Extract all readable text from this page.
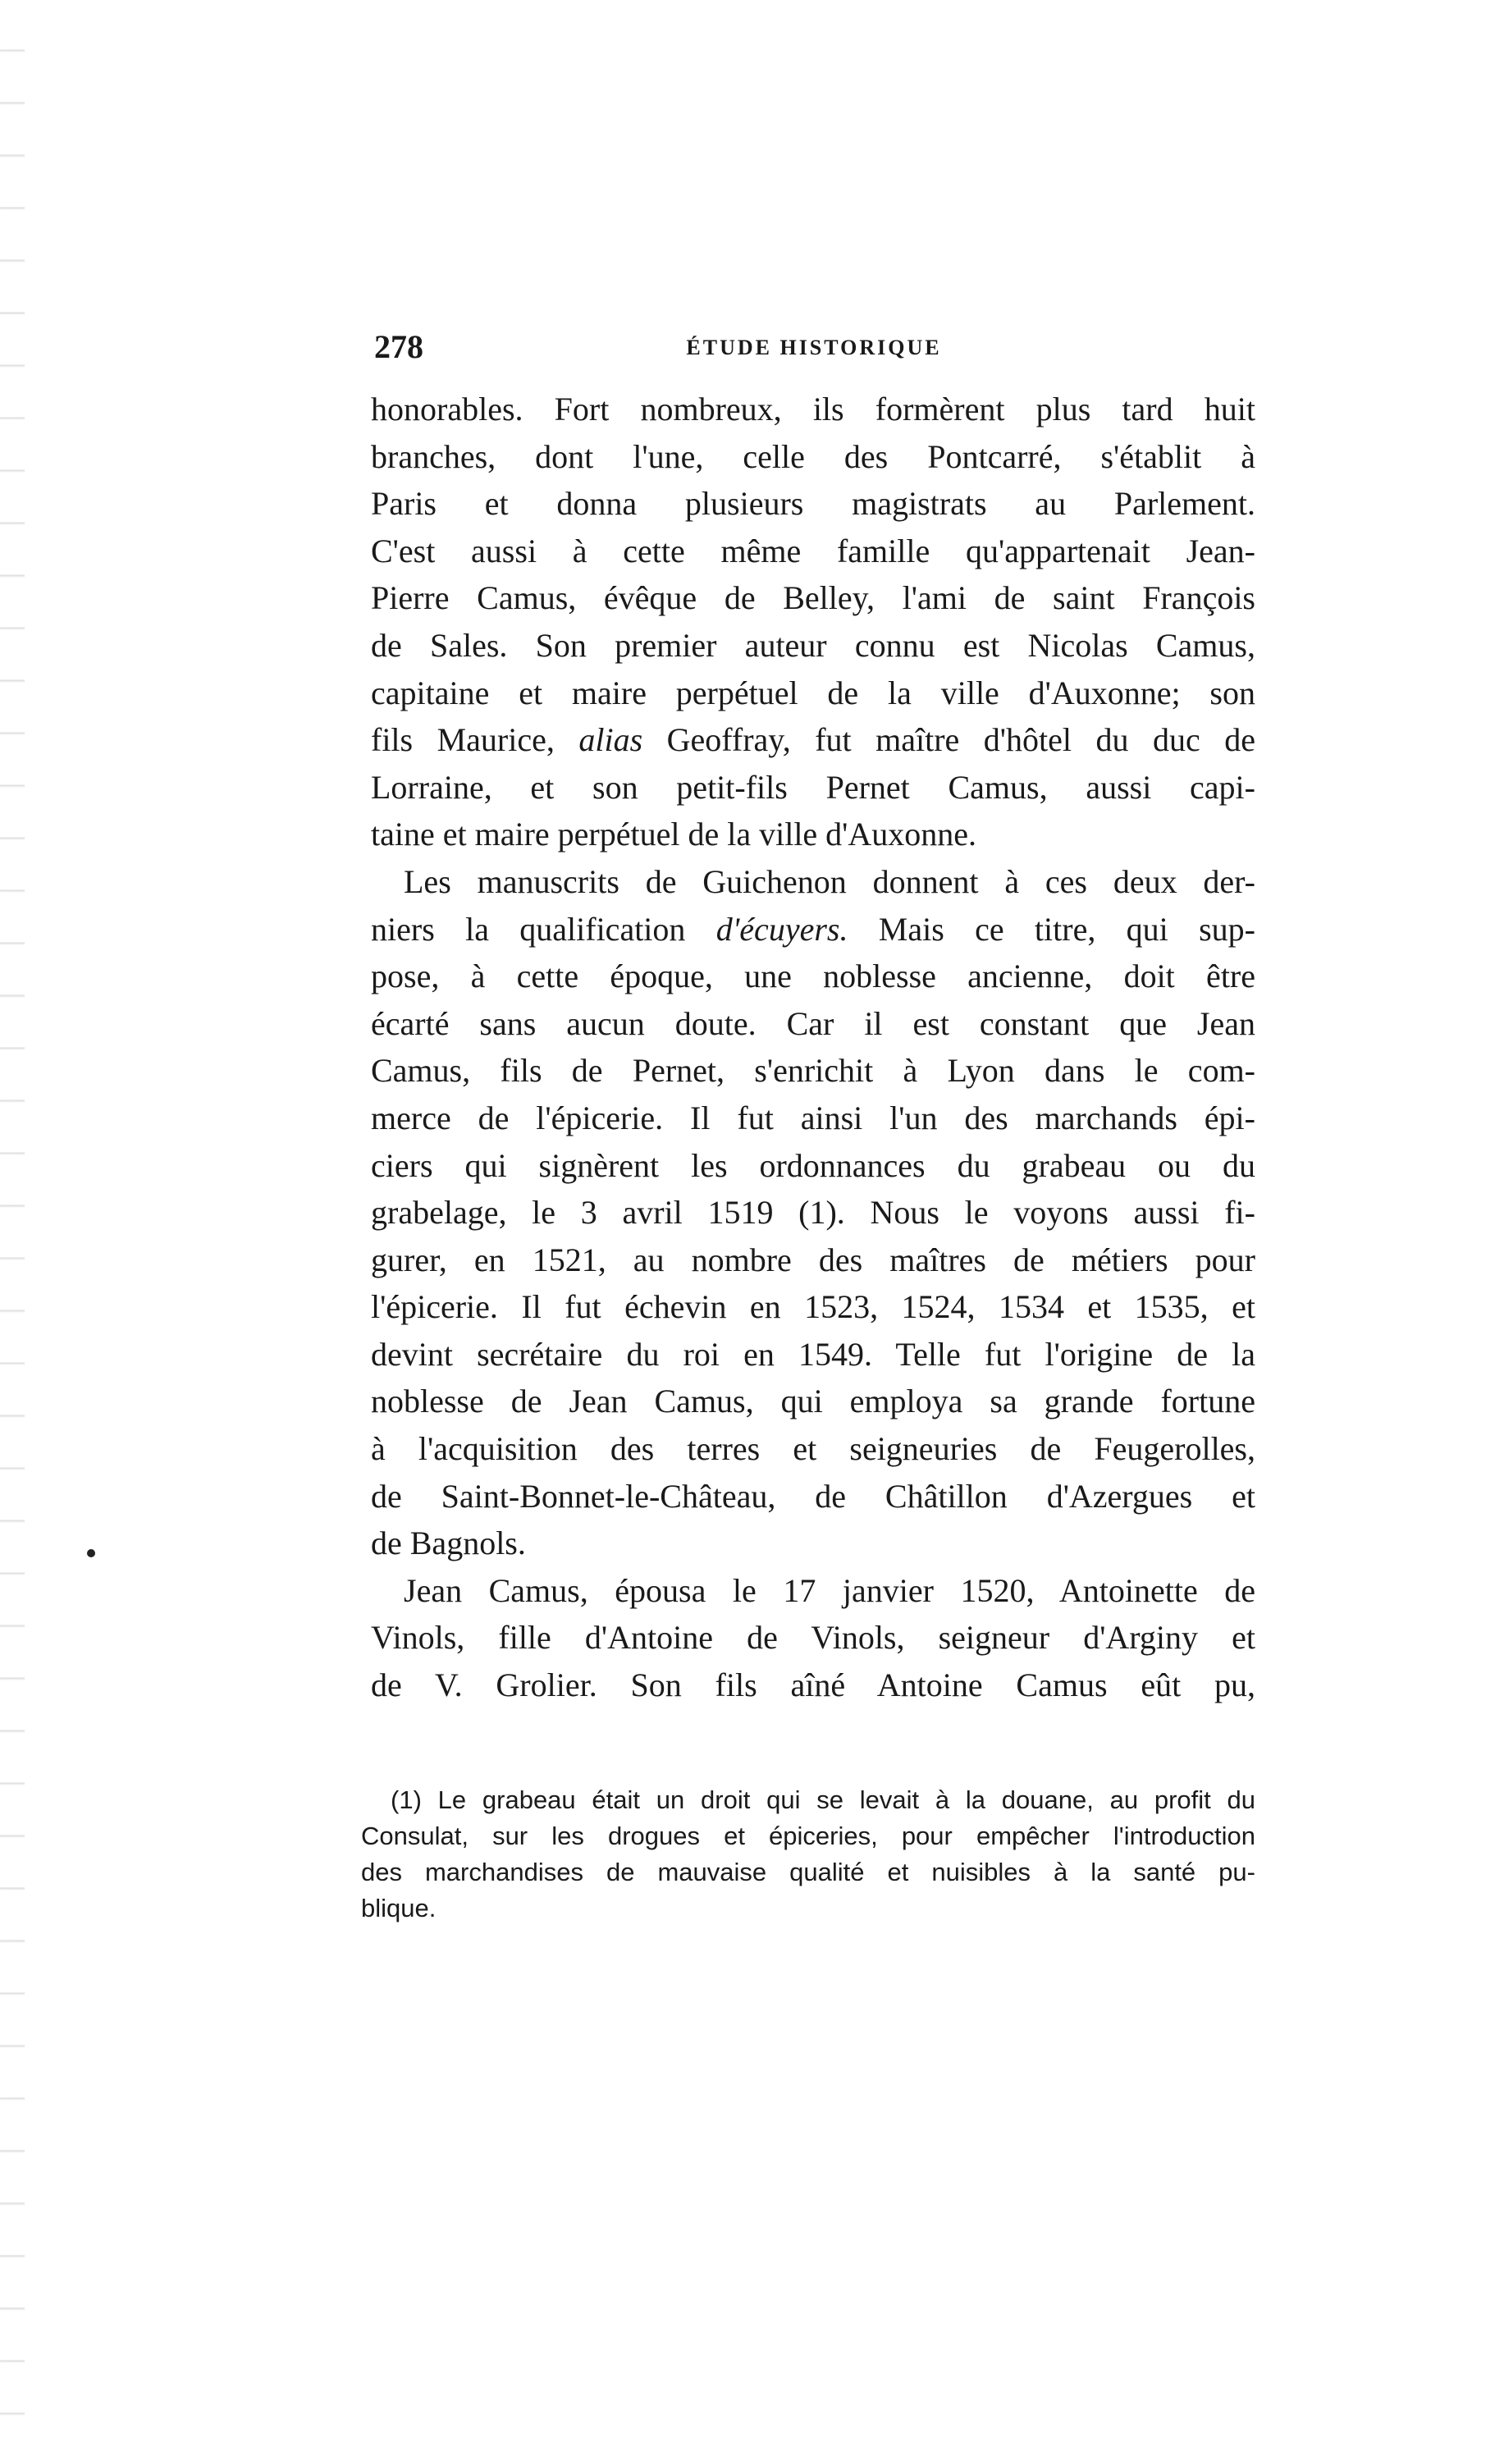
278	ÉTUDE HISTORIQUE
honorables. Fort nombreux, ils formèrent plus tard huit
branches, dont l'une, celle des Pontcarré, s'établit à
Paris et donna plusieurs magistrats au Parlement.
C'est aussi à cette même famille qu'appartenait Jean-
Pierre Camus, évêque de Belley, l'ami de saint François
de Sales. Son premier auteur connu est Nicolas Camus,
capitaine et maire perpétuel de la ville d'Auxonne; son
fils Maurice, alias Geoffray, fut maître d'hôtel du duc de
Lorraine, et son petit-fils Pernet Camus, aussi capi-
taine et maire perpétuel de la ville d'Auxonne.
Les manuscrits de Guichenon donnent à ces deux der-
niers la qualification d'écuyers. Mais ce titre, qui sup-
pose, à cette époque, une noblesse ancienne, doit être
écarté sans aucun doute. Car il est constant que Jean
Camus, fils de Pernet, s'enrichit à Lyon dans le com-
merce de l'épicerie. Il fut ainsi l'un des marchands épi-
ciers qui signèrent les ordonnances du grabeau ou du
grabelage, le 3 avril 1519 (1). Nous le voyons aussi fi-
gurer, en 1521, au nombre des maîtres de métiers pour
l'épicerie. Il fut échevin en 1523, 1524, 1534 et 1535, et
devint secrétaire du roi en 1549. Telle fut l'origine de la
noblesse de Jean Camus, qui employa sa grande fortune
à l'acquisition des terres et seigneuries de Feugerolles,
de Saint-Bonnet-le-Château, de Châtillon d'Azergues et
de Bagnols.
Jean Camus, épousa le 17 janvier 1520, Antoinette de
Vinols, fille d'Antoine de Vinols, seigneur d'Arginy et
de V. Grolier. Son fils aîné Antoine Camus eût pu,
(1) Le grabeau était un droit qui se levait à la douane, au profit du
Consulat, sur les drogues et épiceries, pour empêcher l'introduction
des marchandises de mauvaise qualité et nuisibles à la santé pu-
blique.
